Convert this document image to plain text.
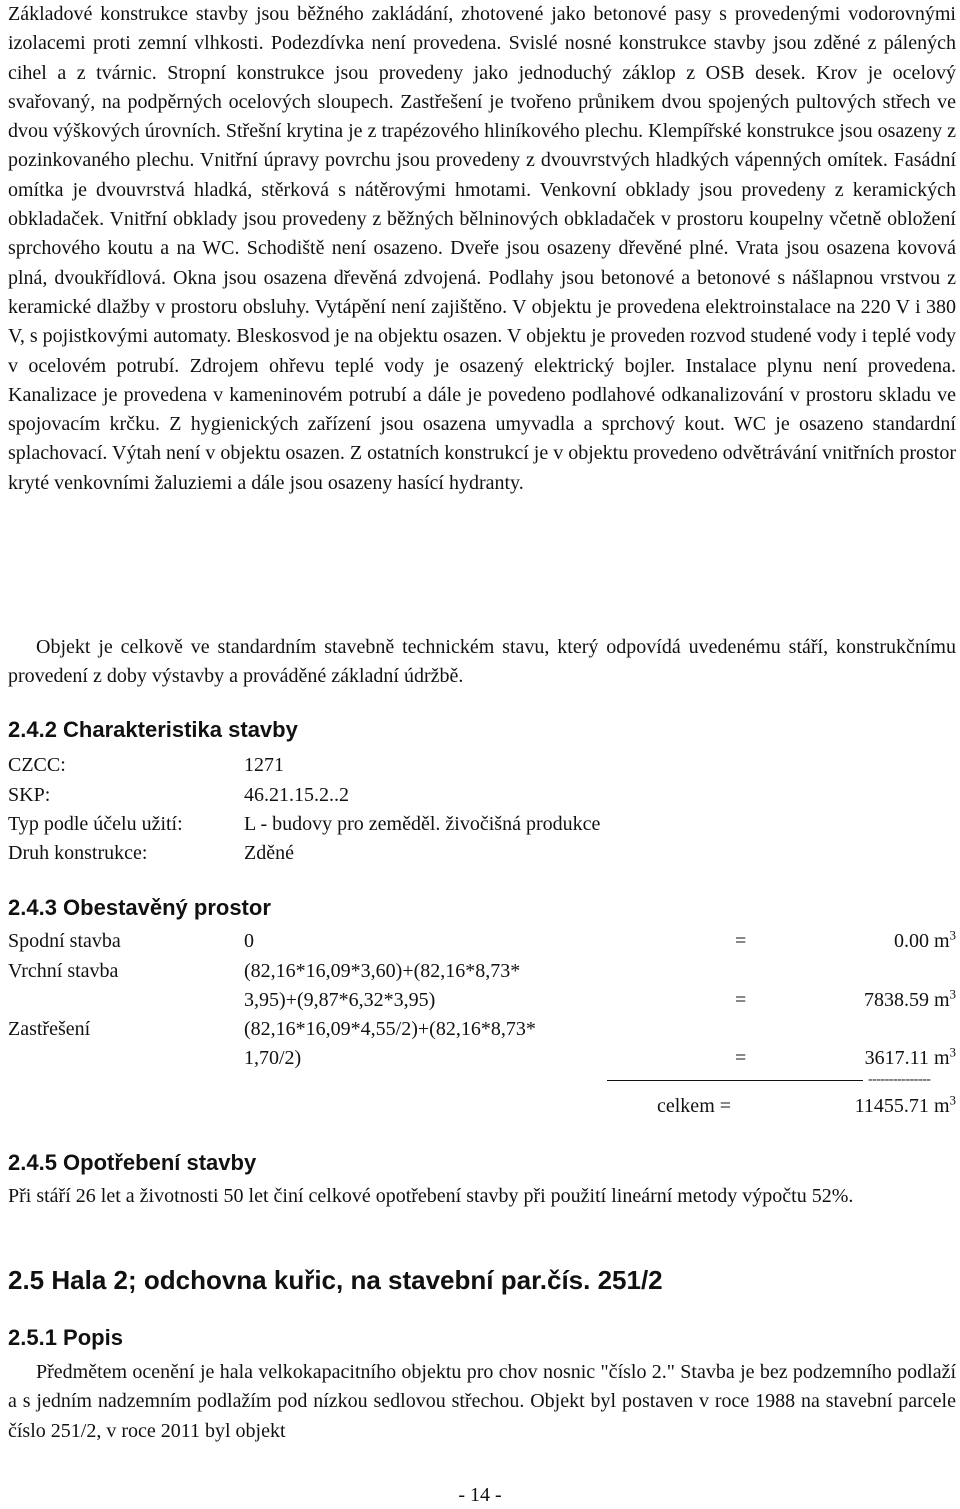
Základové konstrukce stavby jsou běžného zakládání, zhotovené jako betonové pasy s provedenými vodorovnými izolacemi proti zemní vlhkosti. Podezdívka není provedena. Svislé nosné konstrukce stavby jsou zděné z pálených cihel a z tvárnic. Stropní konstrukce jsou provedeny jako jednoduchý záklop z OSB desek. Krov je ocelový svařovaný, na podpěrných ocelových sloupech. Zastřešení je tvořeno průnikem dvou spojených pultových střech ve dvou výškových úrovních. Střešní krytina je z trapézového hliníkového plechu. Klempířské konstrukce jsou osazeny z pozinkovaného plechu. Vnitřní úpravy povrchu jsou provedeny z dvouvrstvých hladkých vápenných omítek. Fasádní omítka je dvouvrstvá hladká, stěrková s nátěrovými hmotami. Venkovní obklady jsou provedeny z keramických obkladaček. Vnitřní obklady jsou provedeny z běžných bělninových obkladaček v prostoru koupelny včetně obložení sprchového koutu a na WC. Schodiště není osazeno. Dveře jsou osazeny dřevěné plné. Vrata jsou osazena kovová plná, dvoukřídlová. Okna jsou osazena dřevěná zdvojená. Podlahy jsou betonové a betonové s nášlapnou vrstvou z keramické dlažby v prostoru obsluhy. Vytápění není zajištěno. V objektu je provedena elektroinstalace na 220 V i 380 V, s pojistkovými automaty. Bleskosvod je na objektu osazen. V objektu je proveden rozvod studené vody i teplé vody v ocelovém potrubí. Zdrojem ohřevu teplé vody je osazený elektrický bojler. Instalace plynu není provedena. Kanalizace je provedena v kameninovém potrubí a dále je povedeno podlahové odkanalizování v prostoru skladu ve spojovacím krčku. Z hygienických zařízení jsou osazena umyvadla a sprchový kout. WC je osazeno standardní splachovací. Výtah není v objektu osazen. Z ostatních konstrukcí je v objektu provedeno odvětrávání vnitřních prostor kryté venkovními žaluziemi a dále jsou osazeny hasící hydranty.

Objekt je celkově ve standardním stavebně technickém stavu, který odpovídá uvedenému stáří, konstrukčnímu provedení z doby výstavby a prováděné základní údržbě.

2.4.2 Charakteristika stavby
CZCC:	1271
SKP:	46.21.15.2..2
Typ podle účelu užití:	L - budovy pro zeměděl. živočišná produkce
Druh konstrukce:	Zděné
2.4.3 Obestavěný prostor
Spodní stavba	0	=	0.00 $m^3$
Vrchní stavba	(82,16*16,09*3,60)+(82,16*8,73*
3,95)+(9,87*6,32*3,95)	=	7838.59 $m^3$
Zastřešení	(82,16*16,09*4,55/2)+(82,16*8,73*
1,70/2)	=	3617.11 $m^3$
---------------
celkem =	11455.71 $m^3$
2.4.5 Opotřebení stavby

Při stáří 26 let a životnosti 50 let činí celkové opotřebení stavby při použití lineární metody výpočtu 52%.

2.5 Hala 2; odchovna kuřic, na stavební par.čís. 251/2
2.5.1 Popis

Předmětem ocenění je hala velkokapacitního objektu pro chov nosnic "číslo 2." Stavba je bez podzemního podlaží a s jedním nadzemním podlažím pod nízkou sedlovou střechou. Objekt byl postaven v roce 1988 na stavební parcele číslo 251/2, v roce 2011 byl objekt

- 14 -
